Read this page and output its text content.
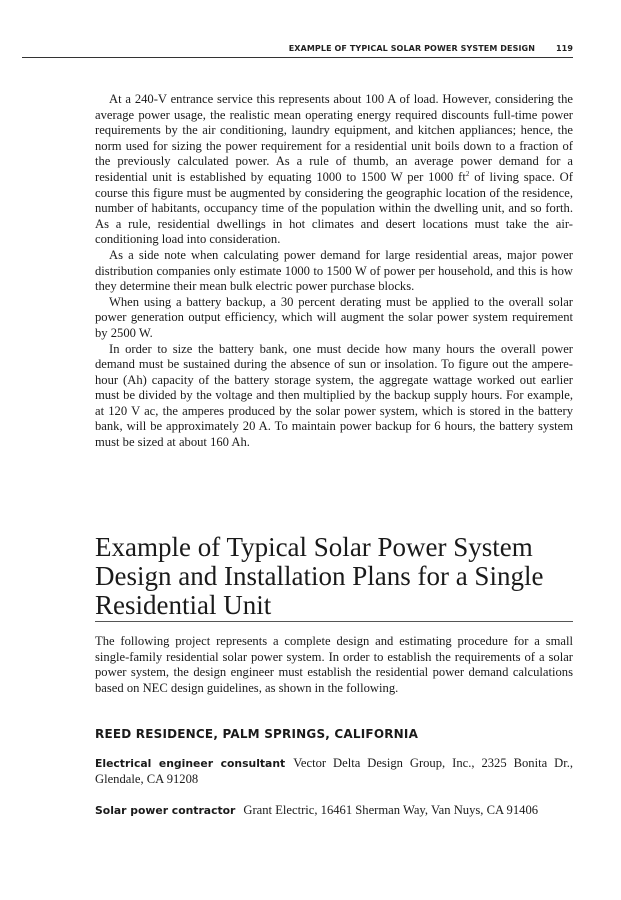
EXAMPLE OF TYPICAL SOLAR POWER SYSTEM DESIGN	119

At a 240-V entrance service this represents about 100 A of load. However, considering the average power usage, the realistic mean operating energy required discounts full-time power requirements by the air conditioning, laundry equipment, and kitchen appliances; hence, the norm used for sizing the power requirement for a residential unit boils down to a fraction of the previously calculated power. As a rule of thumb, an average power demand for a residential unit is established by equating 1000 to 1500 W per 1000 $ft^2$ of living space. Of course this figure must be augmented by considering the geographic location of the residence, number of habitants, occupancy time of the population within the dwelling unit, and so forth. As a rule, residential dwellings in hot climates and desert locations must take the air-conditioning load into consideration.

As a side note when calculating power demand for large residential areas, major power distribution companies only estimate 1000 to 1500 W of power per household, and this is how they determine their mean bulk electric power purchase blocks.

When using a battery backup, a 30 percent derating must be applied to the overall solar power generation output efficiency, which will augment the solar power system requirement by 2500 W.

In order to size the battery bank, one must decide how many hours the overall power demand must be sustained during the absence of sun or insolation. To figure out the ampere-hour (Ah) capacity of the battery storage system, the aggregate wattage worked out earlier must be divided by the voltage and then multiplied by the backup supply hours. For example, at 120 V ac, the amperes produced by the solar power system, which is stored in the battery bank, will be approximately 20 A. To maintain power backup for 6 hours, the battery system must be sized at about 160 Ah.

Example of Typical Solar Power System Design and Installation Plans for a Single Residential Unit

The following project represents a complete design and estimating procedure for a small single-family residential solar power system. In order to establish the requirements of a solar power system, the design engineer must establish the residential power demand calculations based on NEC design guidelines, as shown in the following.

REED RESIDENCE, PALM SPRINGS, CALIFORNIA

Electrical engineer consultant Vector Delta Design Group, Inc., 2325 Bonita Dr., Glendale, CA 91208

Solar power contractor Grant Electric, 16461 Sherman Way, Van Nuys, CA 91406
